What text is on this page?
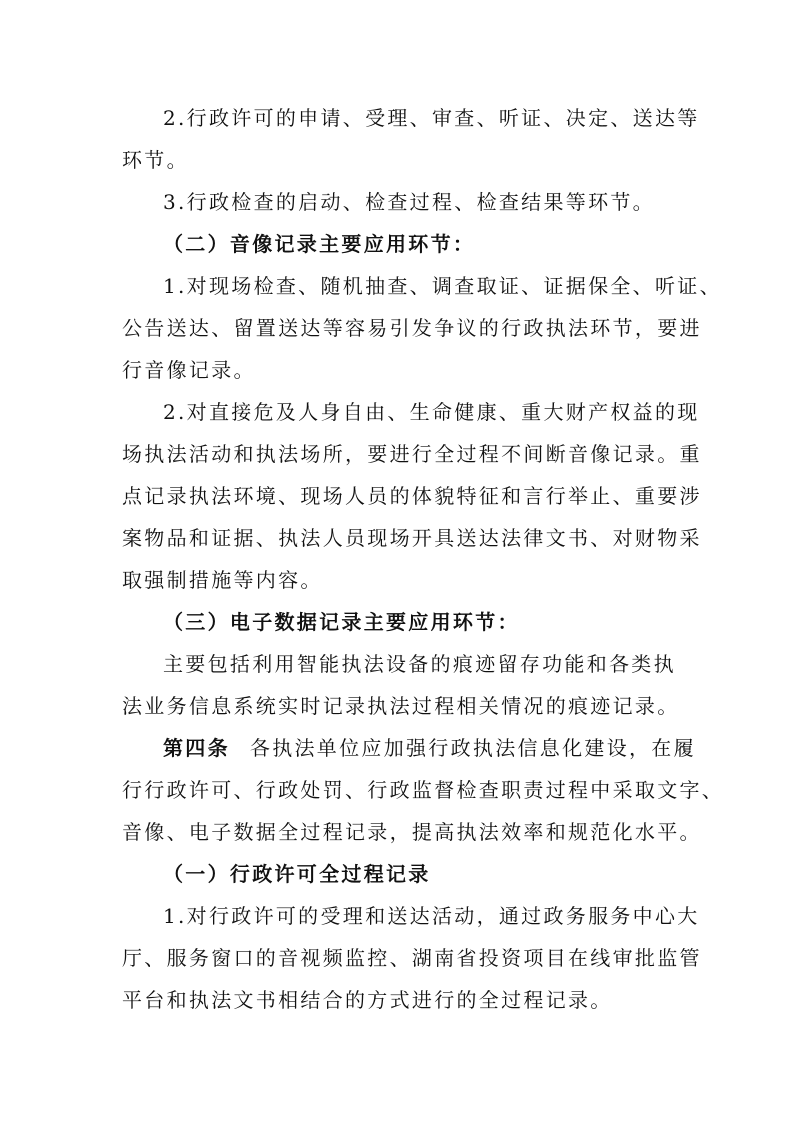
2.行政许可的申请、受理、审查、听证、决定、送达等
环节。
3.行政检查的启动、检查过程、检查结果等环节。
（二）音像记录主要应用环节：
1.对现场检查、随机抽查、调查取证、证据保全、听证、
公告送达、留置送达等容易引发争议的行政执法环节，要进
行音像记录。
2.对直接危及人身自由、生命健康、重大财产权益的现
场执法活动和执法场所，要进行全过程不间断音像记录。重
点记录执法环境、现场人员的体貌特征和言行举止、重要涉
案物品和证据、执法人员现场开具送达法律文书、对财物采
取强制措施等内容。
（三）电子数据记录主要应用环节：
主要包括利用智能执法设备的痕迹留存功能和各类执
法业务信息系统实时记录执法过程相关情况的痕迹记录。
第四条 各执法单位应加强行政执法信息化建设，在履
行行政许可、行政处罚、行政监督检查职责过程中采取文字、
音像、电子数据全过程记录，提高执法效率和规范化水平。
（一）行政许可全过程记录
1.对行政许可的受理和送达活动，通过政务服务中心大
厅、服务窗口的音视频监控、湖南省投资项目在线审批监管
平台和执法文书相结合的方式进行的全过程记录。
